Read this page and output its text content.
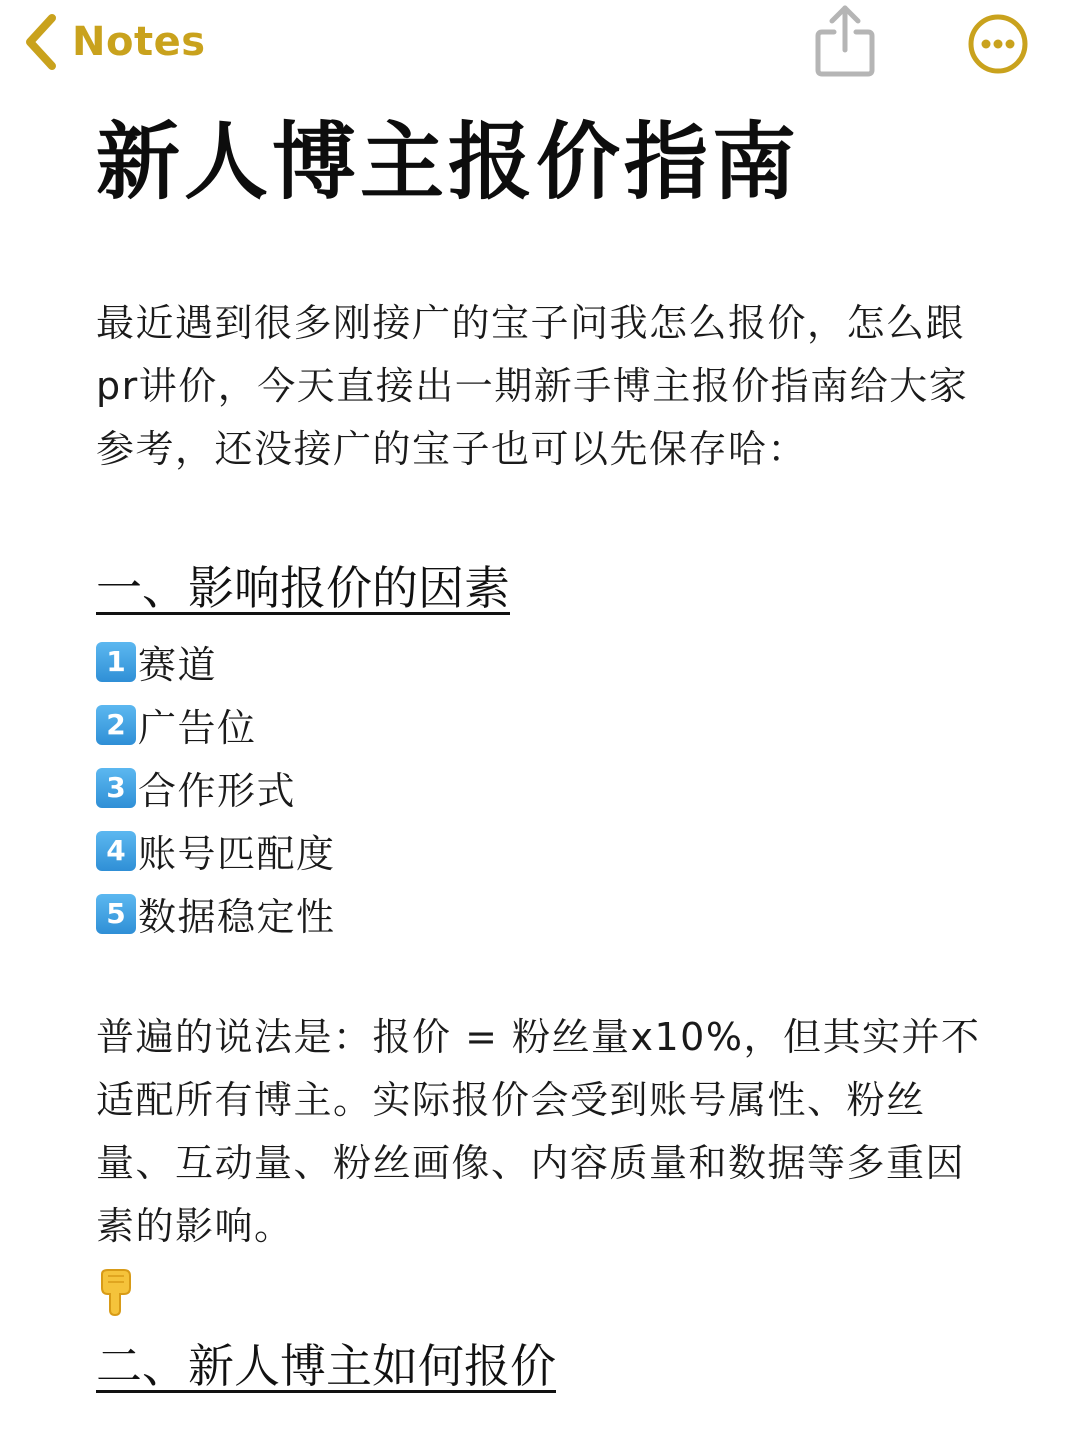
Notes
新人博主报价指南

最近遇到很多刚接广的宝子问我怎么报价，怎么跟pr讲价，今天直接出一期新手博主报价指南给大家参考，还没接广的宝子也可以先保存哈：

一、影响报价的因素
1 赛道
2 广告位
3 合作形式
4 账号匹配度
5 数据稳定性

普遍的说法是：报价 = 粉丝量x10%，但其实并不适配所有博主。实际报价会受到账号属性、粉丝量、互动量、粉丝画像、内容质量和数据等多重因素的影响。

二、新人博主如何报价
